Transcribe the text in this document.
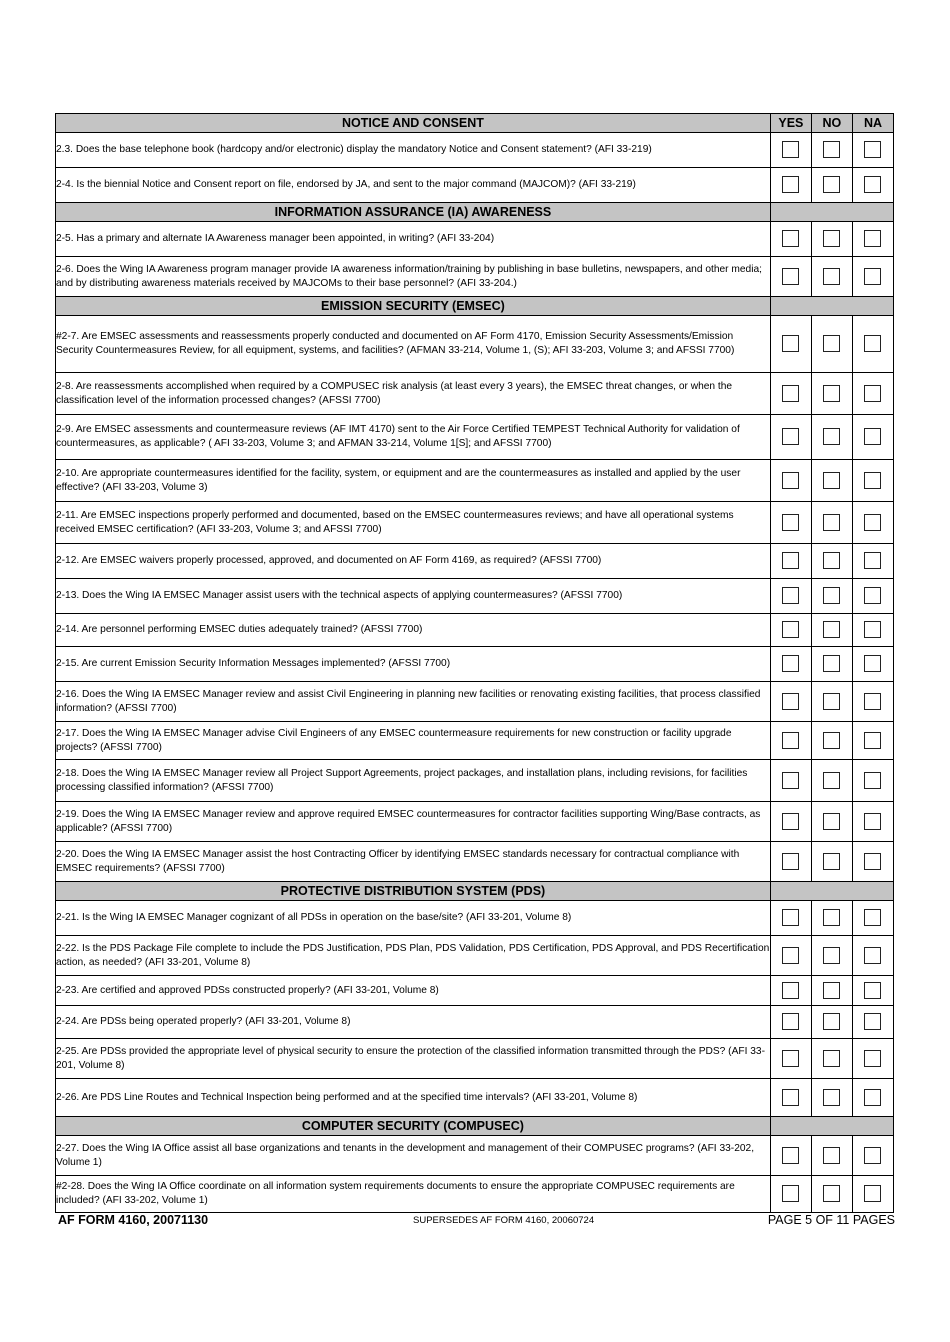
NOTICE AND CONSENT	YES	NO	NA
2.3. Does the base telephone book (hardcopy and/or electronic) display the mandatory Notice and Consent statement? (AFI 33-219)			
2-4. Is the biennial Notice and Consent report on file, endorsed by JA, and sent to the major command (MAJCOM)? (AFI 33-219)			
INFORMATION ASSURANCE (IA) AWARENESS			
2-5. Has a primary and alternate IA Awareness manager been appointed, in writing? (AFI 33-204)			
2-6. Does the Wing IA Awareness program manager provide IA awareness information/training by publishing in base bulletins, newspapers, and other media; and by distributing awareness materials received by MAJCOMs to their base personnel? (AFI 33-204.)			
EMISSION SECURITY (EMSEC)			
#2-7. Are EMSEC assessments and reassessments properly conducted and documented on AF Form 4170, Emission Security Assessments/Emission Security Countermeasures Review, for all equipment, systems, and facilities? (AFMAN 33-214, Volume 1, (S); AFI 33-203, Volume 3; and AFSSI 7700)			
2-8. Are reassessments accomplished when required by a COMPUSEC risk analysis (at least every 3 years), the EMSEC threat changes, or when the classification level of the information processed changes? (AFSSI 7700)			
2-9. Are EMSEC assessments and countermeasure reviews (AF IMT 4170) sent to the Air Force Certified TEMPEST Technical Authority for validation of countermeasures, as applicable? ( AFI 33-203, Volume 3; and AFMAN 33-214, Volume 1[S]; and AFSSI 7700)			
2-10. Are appropriate countermeasures identified for the facility, system, or equipment and are the countermeasures as installed and applied by the user effective? (AFI 33-203, Volume 3)			
2-11. Are EMSEC inspections properly performed and documented, based on the EMSEC countermeasures reviews; and have all operational systems received EMSEC certification? (AFI 33-203, Volume 3; and AFSSI 7700)			
2-12. Are EMSEC waivers properly processed, approved, and documented on AF Form 4169, as required? (AFSSI 7700)			
2-13. Does the Wing IA EMSEC Manager assist users with the technical aspects of applying countermeasures? (AFSSI 7700)			
2-14. Are personnel performing EMSEC duties adequately trained? (AFSSI 7700)			
2-15. Are current Emission Security Information Messages implemented? (AFSSI 7700)			
2-16. Does the Wing IA EMSEC Manager review and assist Civil Engineering in planning new facilities or renovating existing facilities, that process classified information? (AFSSI 7700)			
2-17. Does the Wing IA EMSEC Manager advise Civil Engineers of any EMSEC countermeasure requirements for new construction or facility upgrade projects? (AFSSI 7700)			
2-18. Does the Wing IA EMSEC Manager review all Project Support Agreements, project packages, and installation plans, including revisions, for facilities processing classified information? (AFSSI 7700)			
2-19. Does the Wing IA EMSEC Manager review and approve required EMSEC countermeasures for contractor facilities supporting Wing/Base contracts, as applicable? (AFSSI 7700)			
2-20. Does the Wing IA EMSEC Manager assist the host Contracting Officer by identifying EMSEC standards necessary for contractual compliance with EMSEC requirements? (AFSSI 7700)			
PROTECTIVE DISTRIBUTION SYSTEM (PDS)			
2-21. Is the Wing IA EMSEC Manager cognizant of all PDSs in operation on the base/site? (AFI 33-201, Volume 8)			
2-22. Is the PDS Package File complete to include the PDS Justification, PDS Plan, PDS Validation, PDS Certification, PDS Approval, and PDS Recertification action, as needed? (AFI 33-201, Volume 8)			
2-23. Are certified and approved PDSs constructed properly? (AFI 33-201, Volume 8)			
2-24. Are PDSs being operated properly? (AFI 33-201, Volume 8)			
2-25. Are PDSs provided the appropriate level of physical security to ensure the protection of the classified information transmitted through the PDS? (AFI 33-201, Volume 8)			
2-26. Are PDS Line Routes and Technical Inspection being performed and at the specified time intervals? (AFI 33-201, Volume 8)			
COMPUTER SECURITY (COMPUSEC)			
2-27. Does the Wing IA Office assist all base organizations and tenants in the development and management of their COMPUSEC programs? (AFI 33-202, Volume 1)			
#2-28. Does the Wing IA Office coordinate on all information system requirements documents to ensure the appropriate COMPUSEC requirements are included? (AFI 33-202, Volume 1)			
AF FORM 4160, 20071130	SUPERSEDES AF FORM 4160, 20060724	PAGE 5 OF 11 PAGES
